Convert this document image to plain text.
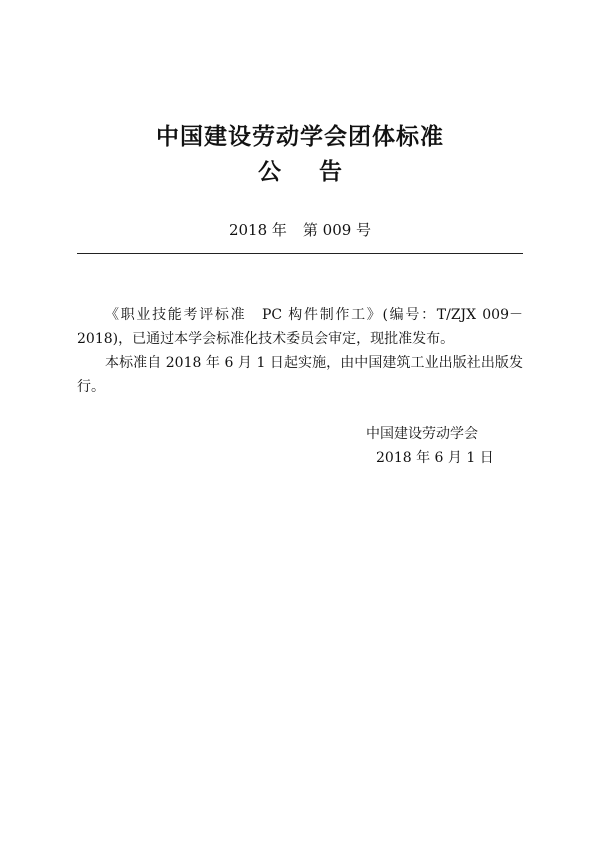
中国建设劳动学会团体标准
公 告
2018 年 第 009 号

《职业技能考评标准　PC 构件制作工》(编号：T/ZJX 009－2018)，已通过本学会标准化技术委员会审定，现批准发布。

本标准自 2018 年 6 月 1 日起实施，由中国建筑工业出版社出版发行。

中国建设劳动学会
2018 年 6 月 1 日
